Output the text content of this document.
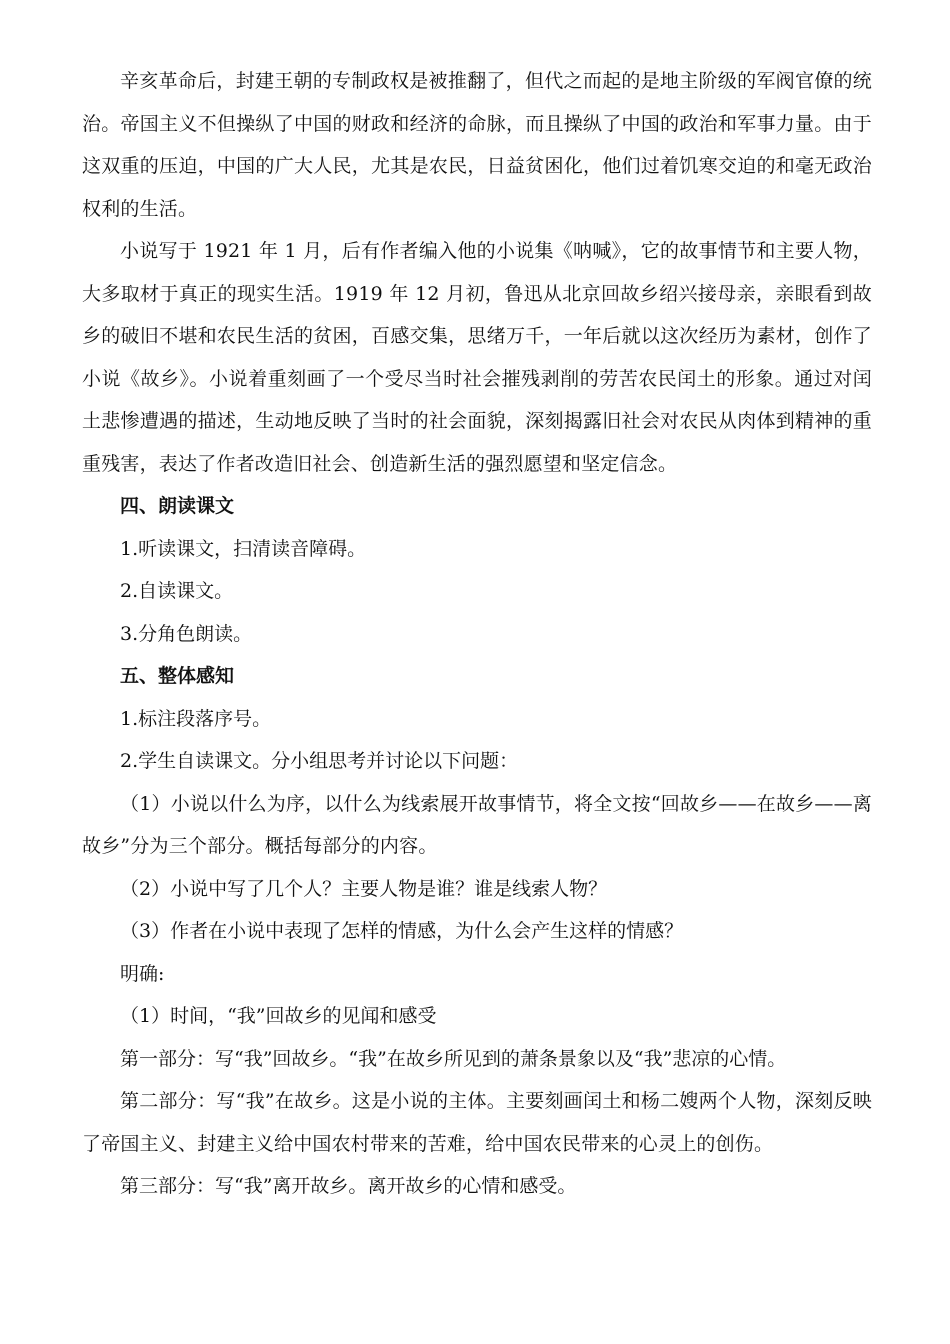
辛亥革命后，封建王朝的专制政权是被推翻了，但代之而起的是地主阶级的军阀官僚的统治。帝国主义不但操纵了中国的财政和经济的命脉，而且操纵了中国的政治和军事力量。由于这双重的压迫，中国的广大人民，尤其是农民，日益贫困化，他们过着饥寒交迫的和毫无政治权利的生活。

小说写于 1921 年 1 月，后有作者编入他的小说集《呐喊》，它的故事情节和主要人物，大多取材于真正的现实生活。1919 年 12 月初，鲁迅从北京回故乡绍兴接母亲，亲眼看到故乡的破旧不堪和农民生活的贫困，百感交集，思绪万千，一年后就以这次经历为素材，创作了小说《故乡》。小说着重刻画了一个受尽当时社会摧残剥削的劳苦农民闰土的形象。通过对闰土悲惨遭遇的描述，生动地反映了当时的社会面貌，深刻揭露旧社会对农民从肉体到精神的重重残害，表达了作者改造旧社会、创造新生活的强烈愿望和坚定信念。

四、朗读课文

1.听读课文，扫清读音障碍。

2.自读课文。

3.分角色朗读。

五、整体感知

1.标注段落序号。

2.学生自读课文。分小组思考并讨论以下问题：

（1）小说以什么为序，以什么为线索展开故事情节，将全文按“回故乡——在故乡——离故乡”分为三个部分。概括每部分的内容。

（2）小说中写了几个人？主要人物是谁？谁是线索人物？

（3）作者在小说中表现了怎样的情感，为什么会产生这样的情感？

明确:

（1）时间，“我”回故乡的见闻和感受

第一部分：写“我”回故乡。“我”在故乡所见到的萧条景象以及“我”悲凉的心情。

第二部分：写“我”在故乡。这是小说的主体。主要刻画闰土和杨二嫂两个人物，深刻反映了帝国主义、封建主义给中国农村带来的苦难，给中国农民带来的心灵上的创伤。

第三部分：写“我”离开故乡。离开故乡的心情和感受。
